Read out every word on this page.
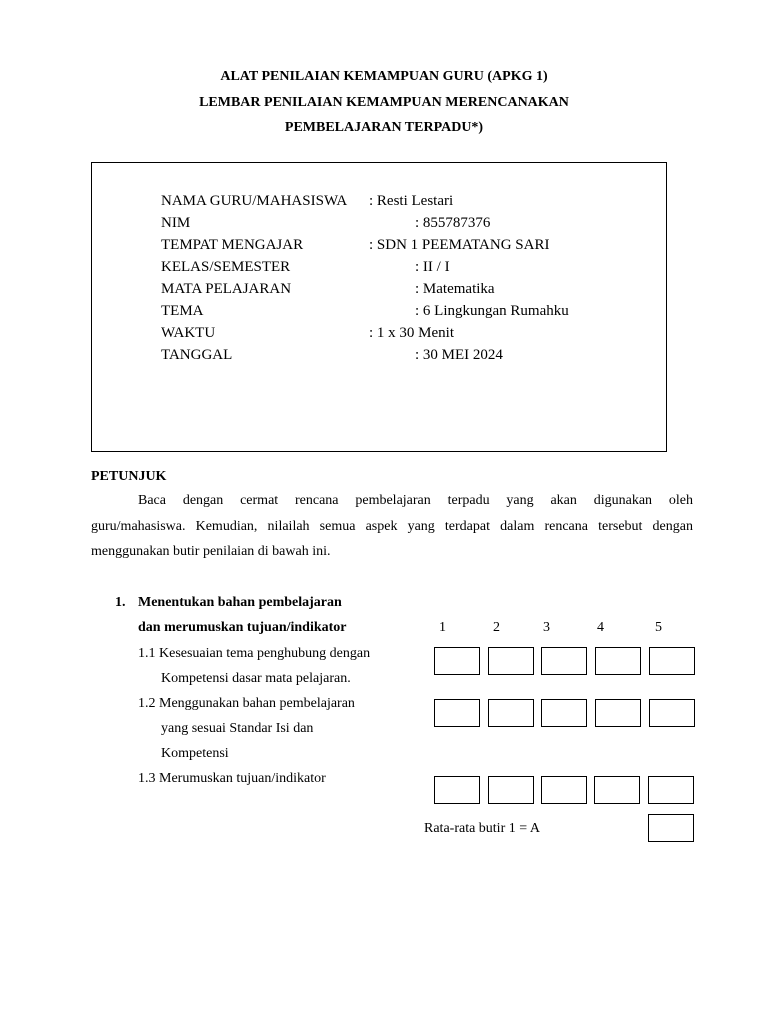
ALAT PENILAIAN KEMAMPUAN GURU (APKG 1)
LEMBAR PENILAIAN KEMAMPUAN MERENCANAKAN
PEMBELAJARAN TERPADU*)
NAMA GURU/MAHASISWA : Resti Lestari
NIM	: 855787376
TEMPAT MENGAJAR	: SDN 1 PEEMATANG SARI
KELAS/SEMESTER	: II / I
MATA PELAJARAN	: Matematika
TEMA	: 6 Lingkungan Rumahku
WAKTU	: 1 x 30 Menit
TANGGAL	: 30 MEI 2024
PETUNJUK
Baca dengan cermat rencana pembelajaran terpadu yang akan digunakan oleh
guru/mahasiswa. Kemudian, nilailah semua aspek yang terdapat dalam rencana tersebut dengan
menggunakan butir penilaian di bawah ini.
1. Menentukan bahan pembelajaran
dan merumuskan tujuan/indikator	1	2	3	4	5
1.1 Kesesuaian tema penghubung dengan
Kompetensi dasar mata pelajaran.
1.2 Menggunakan bahan pembelajaran
yang sesuai Standar Isi dan
Kompetensi
1.3 Merumuskan tujuan/indikator
Rata-rata butir 1 = A
